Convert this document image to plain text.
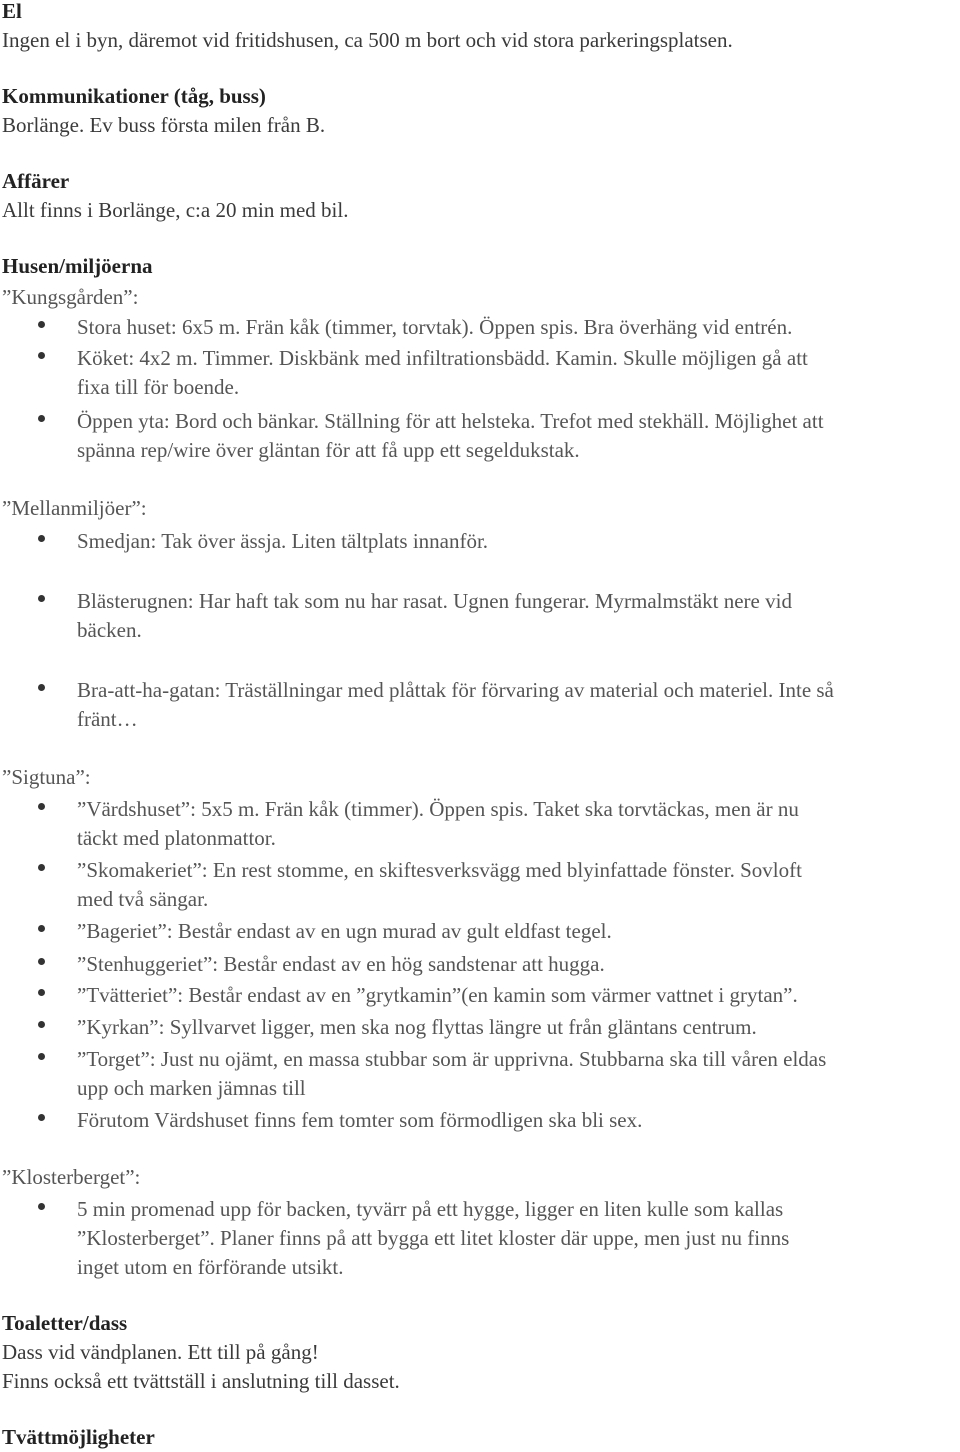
El

Ingen el i byn, däremot vid fritidshusen, ca 500 m bort och vid stora parkeringsplatsen.

Kommunikationer (tåg, buss)

Borlänge. Ev buss första milen från B.

Affärer

Allt finns i Borlänge, c:a 20 min med bil.

Husen/miljöerna

”Kungsgården”:

Stora huset: 6x5 m. Frän kåk (timmer, torvtak). Öppen spis. Bra överhäng vid entrén.

Köket: 4x2 m. Timmer. Diskbänk med infiltrationsbädd. Kamin. Skulle möjligen gå att

fixa till för boende.

Öppen yta: Bord och bänkar. Ställning för att helsteka. Trefot med stekhäll. Möjlighet att

spänna rep/wire över gläntan för att få upp ett segeldukstak.

”Mellanmiljöer”:

Smedjan: Tak över ässja. Liten tältplats innanför.

Blästerugnen: Har haft tak som nu har rasat. Ugnen fungerar. Myrmalmstäkt nere vid

bäcken.

Bra-att-ha-gatan: Träställningar med plåttak för förvaring av material och materiel. Inte så

fränt…

”Sigtuna”:

”Värdshuset”: 5x5 m. Frän kåk (timmer). Öppen spis. Taket ska torvtäckas, men är nu

täckt med platonmattor.

”Skomakeriet”: En rest stomme, en skiftesverksvägg med blyinfattade fönster. Sovloft

med två sängar.

”Bageriet”: Består endast av en ugn murad av gult eldfast tegel.

”Stenhuggeriet”: Består endast av en hög sandstenar att hugga.

”Tvätteriet”: Består endast av en ”grytkamin”(en kamin som värmer vattnet i grytan”.

”Kyrkan”: Syllvarvet ligger, men ska nog flyttas längre ut från gläntans centrum.

”Torget”: Just nu ojämt, en massa stubbar som är upprivna. Stubbarna ska till våren eldas

upp och marken jämnas till

Förutom Värdshuset finns fem tomter som förmodligen ska bli sex.

”Klosterberget”:

5 min promenad upp för backen, tyvärr på ett hygge, ligger en liten kulle som kallas

”Klosterberget”. Planer finns på att bygga ett litet kloster där uppe, men just nu finns

inget utom en förförande utsikt.

Toaletter/dass

Dass vid vändplanen. Ett till på gång!

Finns också ett tvättställ i anslutning till dasset.

Tvättmöjligheter
